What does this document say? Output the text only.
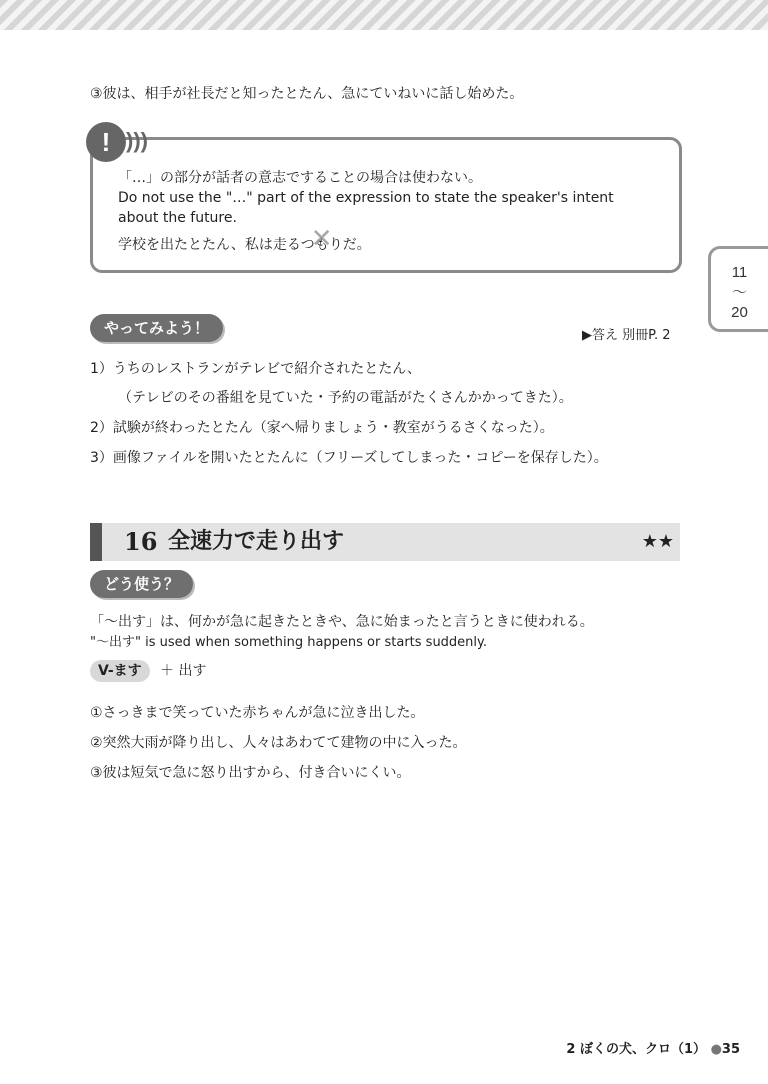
③彼は、相手が社長だと知ったとたん、急にていねいに話し始めた。
! )))
「…」の部分が話者の意志ですることの場合は使わない。
Do not use the "…" part of the expression to state the speaker's intent about the future.
学校を出たとたん、私は走るつもり ✕だ。
11
〜
20
やってみよう！	▶答え 別冊P. 2
1）うちのレストランがテレビで紹介されたとたん、
（テレビのその番組を見ていた・予約の電話がたくさんかかってきた）。
2）試験が終わったとたん（家へ帰りましょう・教室がうるさくなった）。
3）画像ファイルを開いたとたんに（フリーズしてしまった・コピーを保存した）。
16 全速力で走り出す	★★
どう使う？
「〜出す」は、何かが急に起きたときや、急に始まったと言うときに使われる。
"〜出す" is used when something happens or starts suddenly.
V-ます	＋ 出す
①さっきまで笑っていた赤ちゃんが急に泣き出した。
②突然大雨が降り出し、人々はあわてて建物の中に入った。
③彼は短気で急に怒り出すから、付き合いにくい。
2 ぼくの犬、クロ（1） ●35
